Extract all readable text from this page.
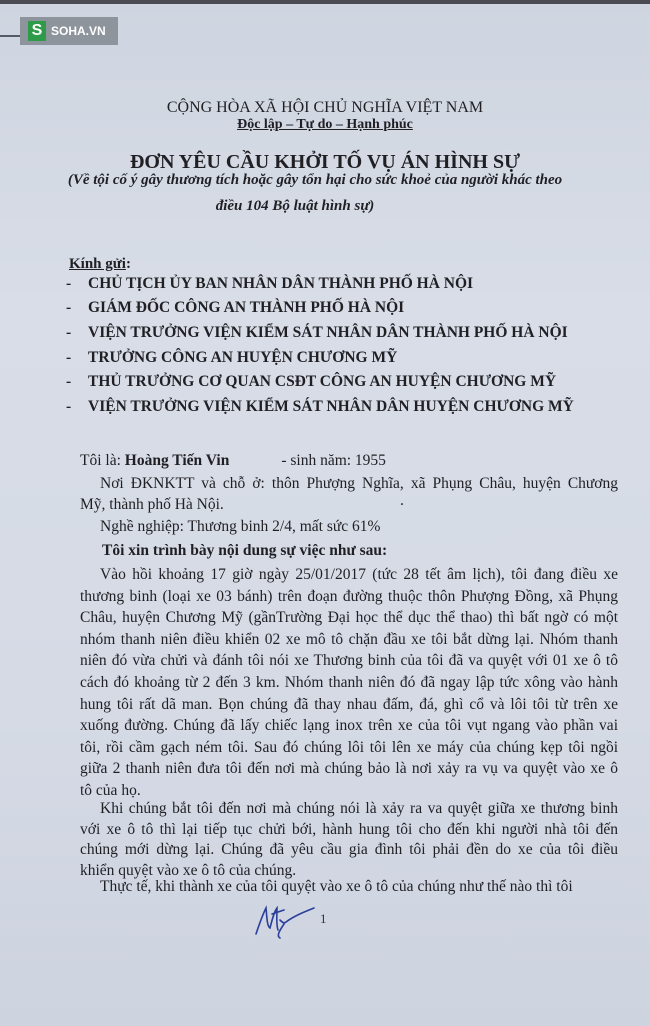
S SOHA.VN
CỘNG HÒA XÃ HỘI CHỦ NGHĨA VIỆT NAM
Độc lập – Tự do – Hạnh phúc
ĐƠN YÊU CẦU KHỞI TỐ VỤ ÁN HÌNH SỰ
(Về tội cố ý gây thương tích hoặc gây tổn hại cho sức khoẻ của người khác theo
điều 104 Bộ luật hình sự)
Kính gửi:
- CHỦ TỊCH ỦY BAN NHÂN DÂN THÀNH PHỐ HÀ NỘI
- GIÁM ĐỐC CÔNG AN THÀNH PHỐ HÀ NỘI
- VIỆN TRƯỞNG VIỆN KIỂM SÁT NHÂN DÂN THÀNH PHỐ HÀ NỘI
- TRƯỞNG CÔNG AN HUYỆN CHƯƠNG MỸ
- THỦ TRƯỞNG CƠ QUAN CSĐT CÔNG AN HUYỆN CHƯƠNG MỸ
- VIỆN TRƯỞNG VIỆN KIỂM SÁT NHÂN DÂN HUYỆN CHƯƠNG MỸ
Tôi là: Hoàng Tiến Vin	- sinh năm: 1955
Nơi ĐKNKTT và chỗ ở: thôn Phượng Nghĩa, xã Phụng Châu, huyện Chương
Mỹ, thành phố Hà Nội.	.
Nghề nghiệp: Thương binh 2/4, mất sức 61%
Tôi xin trình bày nội dung sự việc như sau:
Vào hồi khoảng 17 giờ ngày 25/01/2017 (tức 28 tết âm lịch), tôi đang điều xe
thương binh (loại xe 03 bánh) trên đoạn đường thuộc thôn Phượng Đồng, xã Phụng
Châu, huyện Chương Mỹ (gầnTrường Đại học thể dục thể thao) thì bất ngờ có một
nhóm thanh niên điều khiển 02 xe mô tô chặn đầu xe tôi bắt dừng lại. Nhóm thanh
niên đó vừa chửi và đánh tôi nói xe Thương binh của tôi đã va quyệt với 01 xe ô tô
cách đó khoảng từ 2 đến 3 km. Nhóm thanh niên đó đã ngay lập tức xông vào hành
hung tôi rất dã man. Bọn chúng đã thay nhau đấm, đá, ghì cổ và lôi tôi từ trên xe
xuống đường. Chúng đã lấy chiếc lạng inox trên xe của tôi vụt ngang vào phần vai
tôi, rồi cầm gạch ném tôi. Sau đó chúng lôi tôi lên xe máy của chúng kẹp tôi ngồi
giữa 2 thanh niên đưa tôi đến nơi mà chúng bảo là nơi xảy ra vụ va quyệt vào xe ô
tô của họ.
Khi chúng bắt tôi đến nơi mà chúng nói là xảy ra va quyệt giữa xe thương binh
với xe ô tô thì lại tiếp tục chửi bới, hành hung tôi cho đến khi người nhà tôi đến
chúng mới dừng lại. Chúng đã yêu cầu gia đình tôi phải đền do xe của tôi điều
khiển quyệt vào xe ô tô của chúng.
Thực tế, khi thành xe của tôi quyệt vào xe ô tô của chúng như thế nào thì tôi
1
